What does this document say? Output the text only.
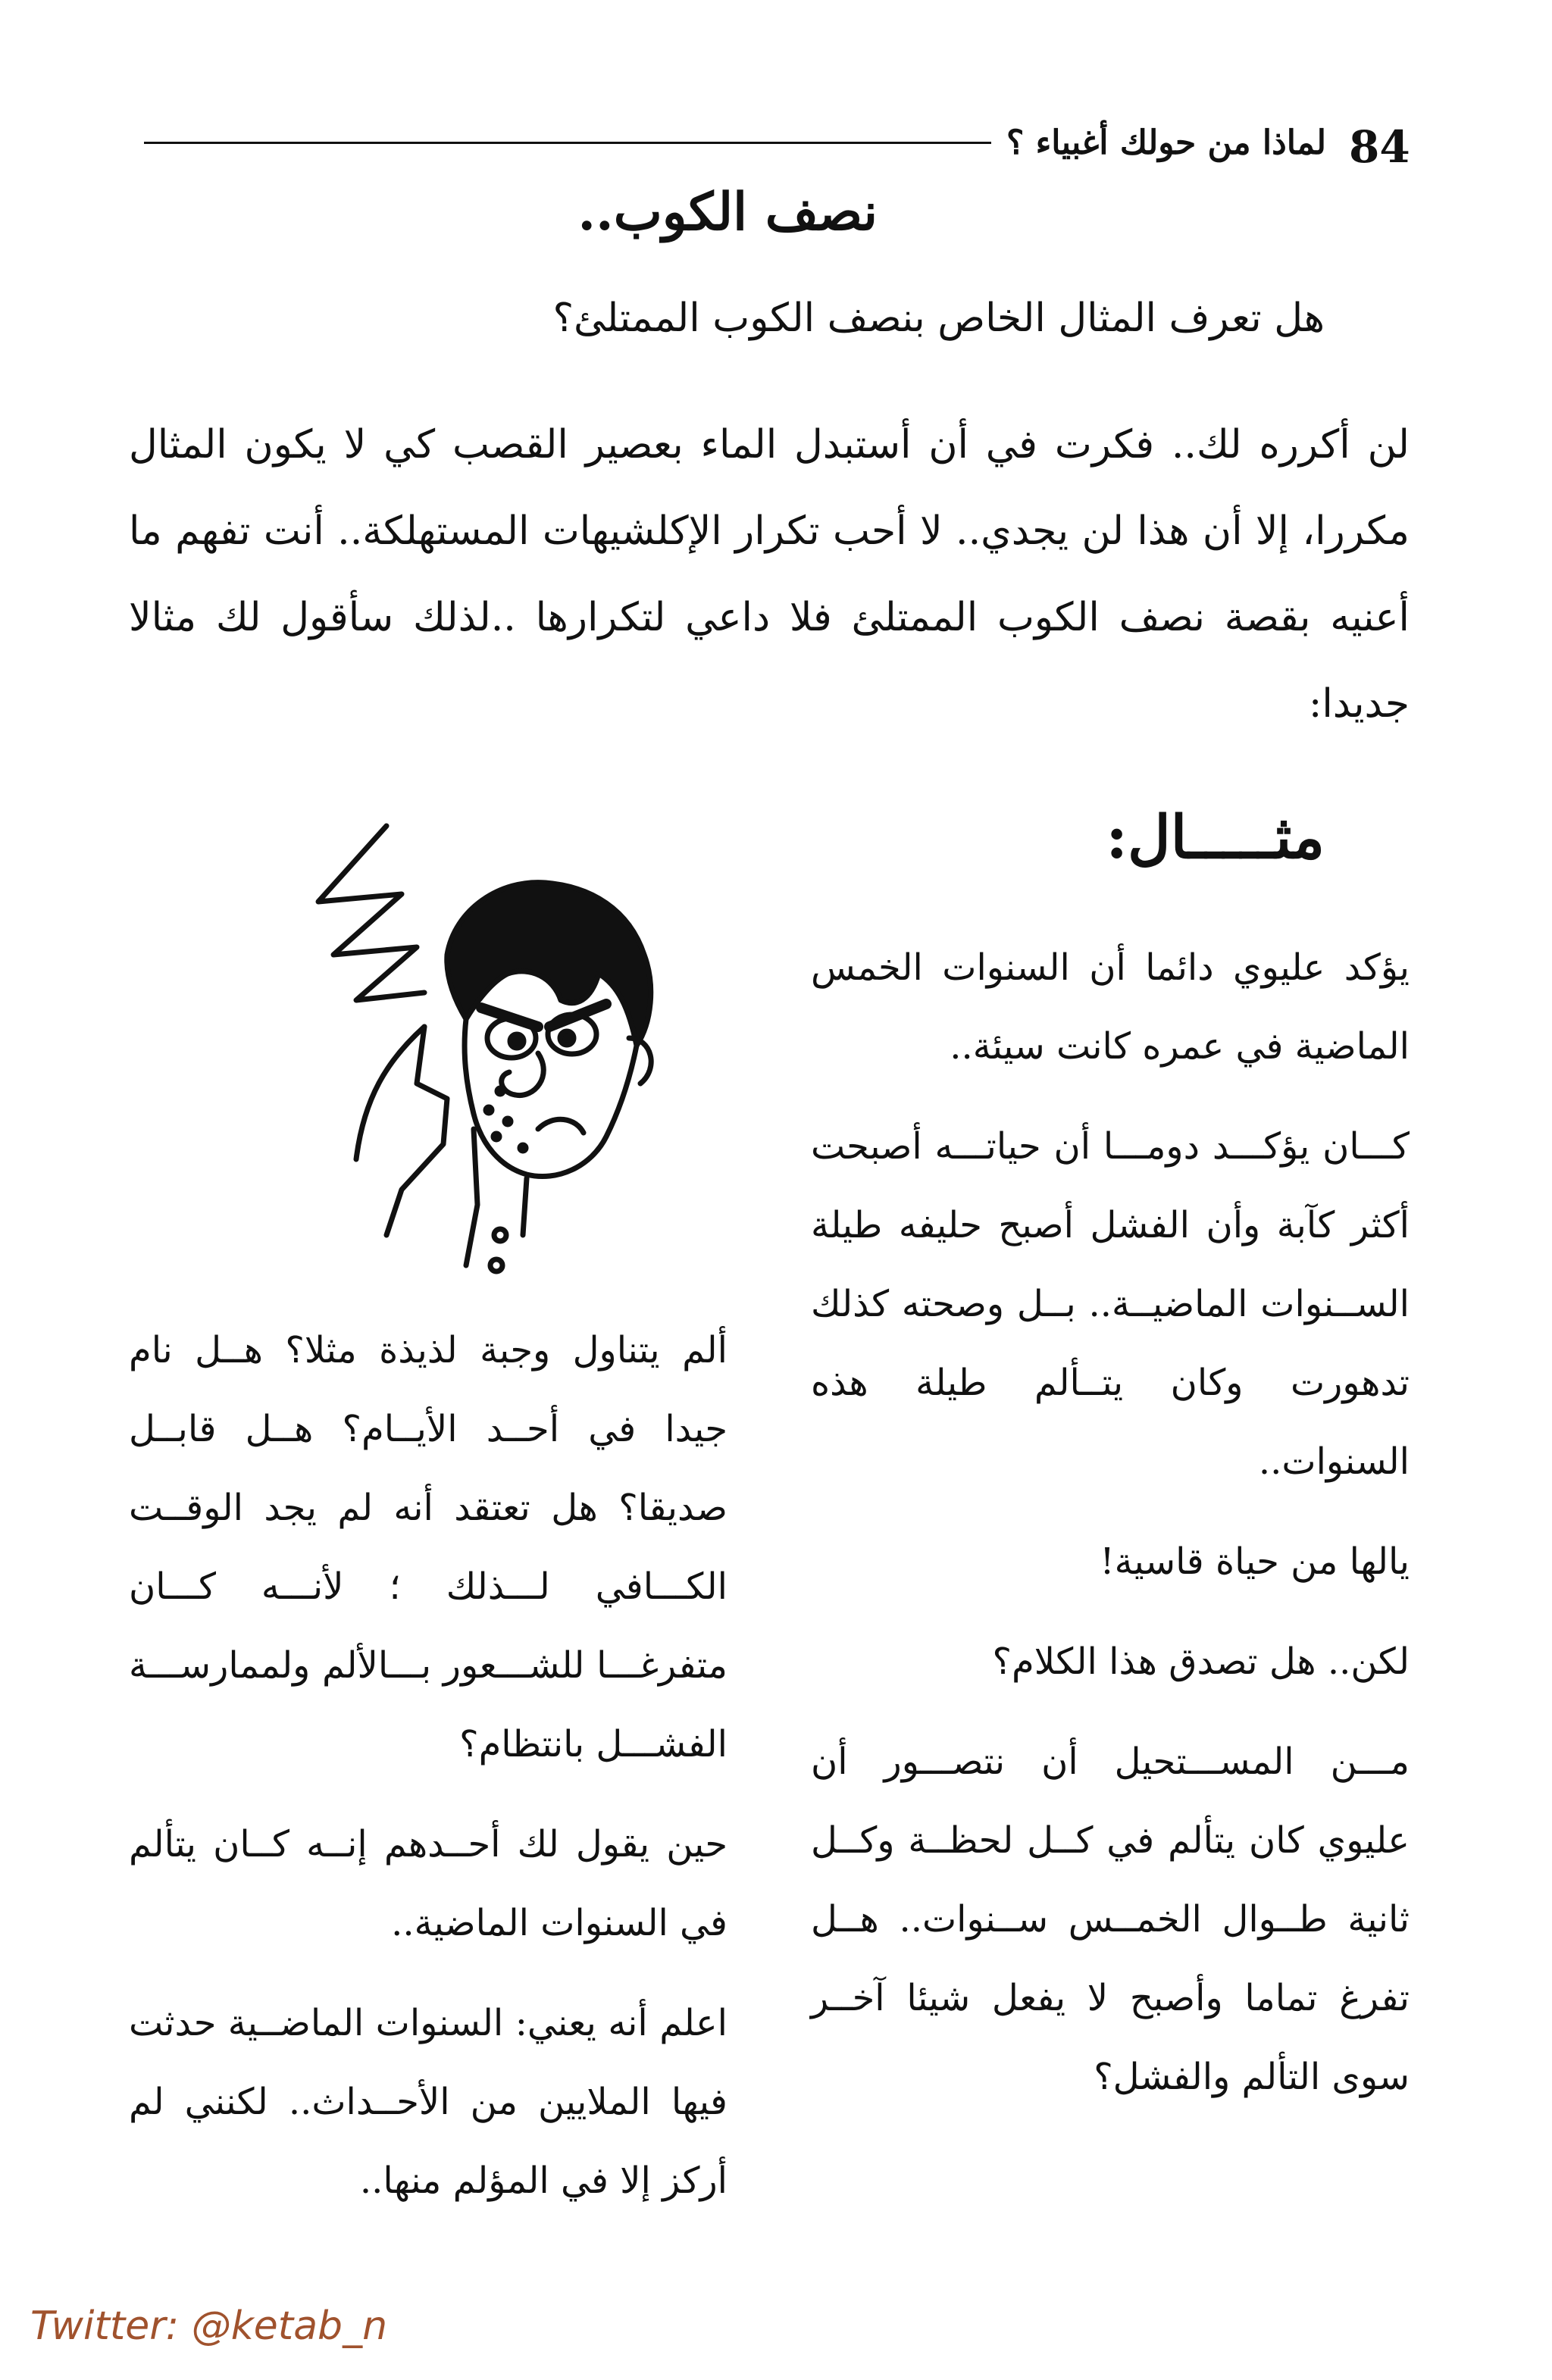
84
لماذا من حولك أغبياء ؟
نصف الكوب..
هل تعرف المثال الخاص بنصف الكوب الممتلئ؟

لن أكرره لك.. فكرت في أن أستبدل الماء بعصير القصب كي لا يكون المثال مكررا، إلا أن هذا لن يجدي.. لا أحب تكرار الإكلشيهات المستهلكة.. أنت تفهم ما أعنيه بقصة نصف الكوب الممتلئ فلا داعي لتكرارها ..لذلك سأقول لك مثالا جديدا:

مثـــــال:

يؤكد عليوي دائما أن السنوات الخمس الماضية في عمره كانت سيئة..

كـــان يؤكـــد دومـــا أن حياتـــه أصبحت أكثر كآبة وأن الفشل أصبح حليفه طيلة الســنوات الماضيــة.. بــل وصحته كذلك تدهورت وكان يتــألم طيلة هذه السنوات..

يالها من حياة قاسية!

لكن.. هل تصدق هذا الكلام؟

مـــن المســـتحيل أن نتصـــور أن عليوي كان يتألم في كــل لحظــة وكــل ثانية طــوال الخمــس ســنوات.. هــل تفرغ تماما وأصبح لا يفعل شيئا آخــر سوى التألم والفشل؟

ألم يتناول وجبة لذيذة مثلا؟ هــل نام جيدا في أحــد الأيــام؟ هــل قابــل صديقا؟ هل تعتقد أنه لم يجد الوقــت الكـــافي لـــذلك ؛ لأنـــه كـــان متفرغـــا للشـــعور بـــالألم ولممارســـة الفشـــل بانتظام؟

حين يقول لك أحــدهم إنــه كــان يتألم في السنوات الماضية..

اعلم أنه يعني: السنوات الماضــية حدثت فيها الملايين من الأحــداث.. لكنني لم أركز إلا في المؤلم منها..

Twitter: @ketab_n
